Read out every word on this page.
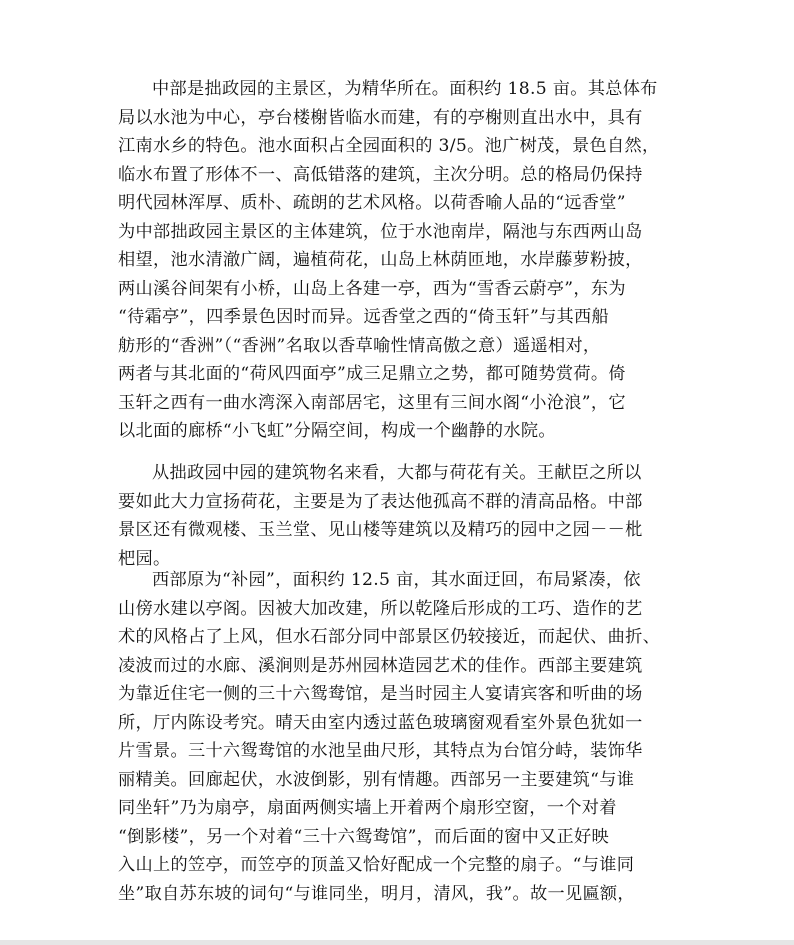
中部是拙政园的主景区，为精华所在。面积约 18.5 亩。其总体布
局以水池为中心，亭台楼榭皆临水而建，有的亭榭则直出水中，具有
江南水乡的特色。池水面积占全园面积的 3/5。池广树茂，景色自然，
临水布置了形体不一、高低错落的建筑，主次分明。总的格局仍保持
明代园林浑厚、质朴、疏朗的艺术风格。以荷香喻人品的“远香堂”
为中部拙政园主景区的主体建筑，位于水池南岸，隔池与东西两山岛
相望，池水清澈广阔，遍植荷花，山岛上林荫匝地，水岸藤萝粉披，
两山溪谷间架有小桥，山岛上各建一亭，西为“雪香云蔚亭”，东为
“待霜亭”，四季景色因时而异。远香堂之西的“倚玉轩”与其西船
舫形的“香洲”（“香洲”名取以香草喻性情高傲之意）遥遥相对，
两者与其北面的“荷风四面亭”成三足鼎立之势，都可随势赏荷。倚
玉轩之西有一曲水湾深入南部居宅，这里有三间水阁“小沧浪”，它
以北面的廊桥“小飞虹”分隔空间，构成一个幽静的水院。
从拙政园中园的建筑物名来看，大都与荷花有关。王献臣之所以
要如此大力宣扬荷花，主要是为了表达他孤高不群的清高品格。中部
景区还有微观楼、玉兰堂、见山楼等建筑以及精巧的园中之园－－枇
杷园。
西部原为“补园”，面积约 12.5 亩，其水面迂回，布局紧凑，依
山傍水建以亭阁。因被大加改建，所以乾隆后形成的工巧、造作的艺
术的风格占了上风，但水石部分同中部景区仍较接近，而起伏、曲折、
凌波而过的水廊、溪涧则是苏州园林造园艺术的佳作。西部主要建筑
为靠近住宅一侧的三十六鸳鸯馆，是当时园主人宴请宾客和听曲的场
所，厅内陈设考究。晴天由室内透过蓝色玻璃窗观看室外景色犹如一
片雪景。三十六鸳鸯馆的水池呈曲尺形，其特点为台馆分峙，装饰华
丽精美。回廊起伏，水波倒影，别有情趣。西部另一主要建筑“与谁
同坐轩”乃为扇亭，扇面两侧实墙上开着两个扇形空窗，一个对着
“倒影楼”，另一个对着“三十六鸳鸯馆”，而后面的窗中又正好映
入山上的笠亭，而笠亭的顶盖又恰好配成一个完整的扇子。“与谁同
坐”取自苏东坡的词句“与谁同坐，明月，清风，我”。故一见匾额，
